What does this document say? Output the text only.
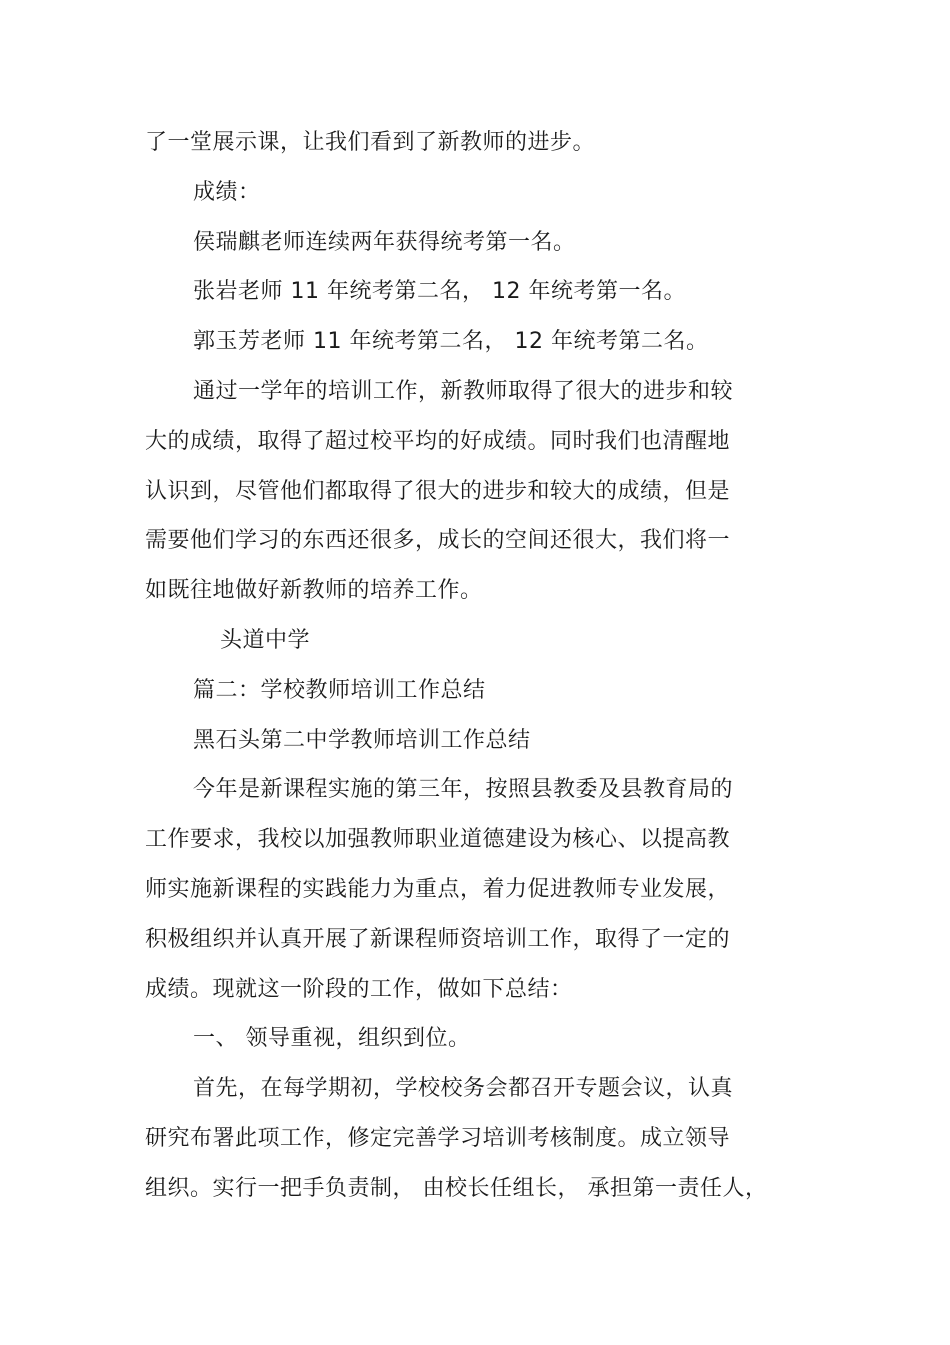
了一堂展示课，让我们看到了新教师的进步。
成绩：
侯瑞麒老师连续两年获得统考第一名。
张岩老师 11 年统考第二名， 12 年统考第一名。
郭玉芳老师 11 年统考第二名， 12 年统考第二名。
通过一学年的培训工作，新教师取得了很大的进步和较
大的成绩，取得了超过校平均的好成绩。同时我们也清醒地
认识到，尽管他们都取得了很大的进步和较大的成绩，但是
需要他们学习的东西还很多，成长的空间还很大，我们将一
如既往地做好新教师的培养工作。
头道中学
篇二：学校教师培训工作总结
黑石头第二中学教师培训工作总结
今年是新课程实施的第三年，按照县教委及县教育局的
工作要求，我校以加强教师职业道德建设为核心、以提高教
师实施新课程的实践能力为重点，着力促进教师专业发展，
积极组织并认真开展了新课程师资培训工作，取得了一定的
成绩。现就这一阶段的工作，做如下总结：
一、 领导重视，组织到位。
首先，在每学期初，学校校务会都召开专题会议，认真
研究布署此项工作，修定完善学习培训考核制度。成立领导
组织。实行一把手负责制， 由校长任组长， 承担第一责任人，
